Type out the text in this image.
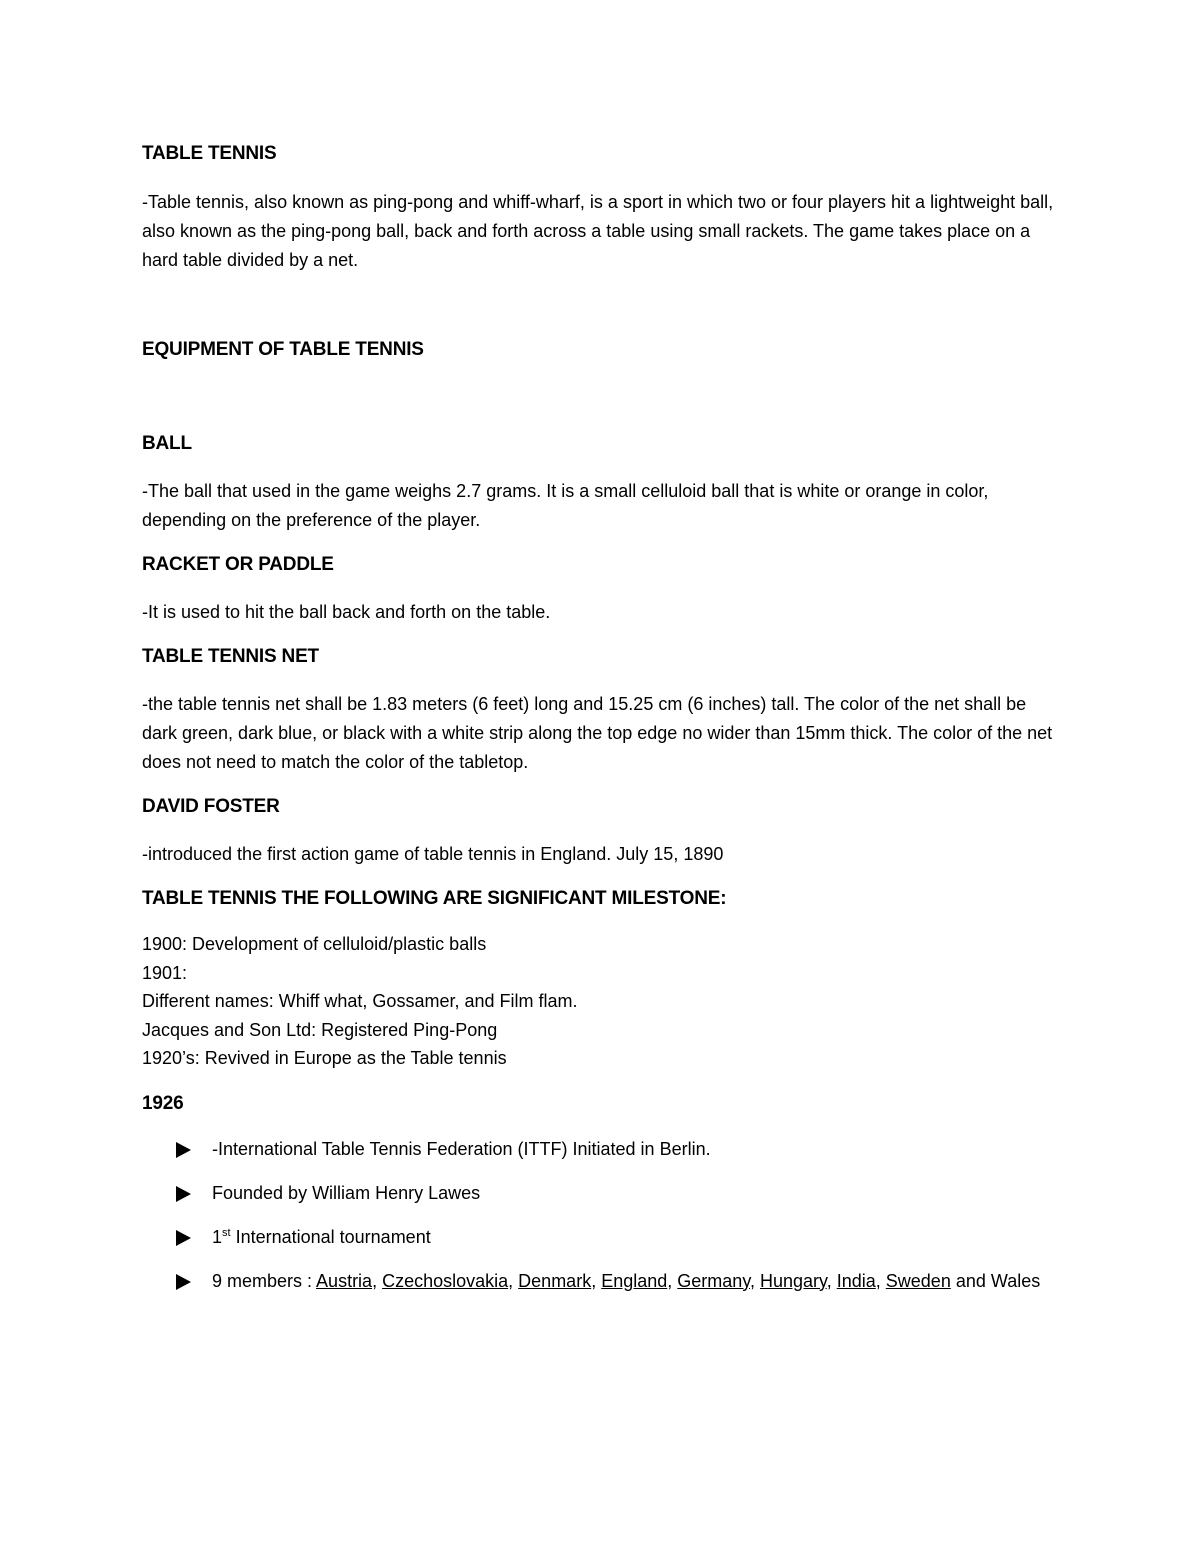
TABLE TENNIS

-Table tennis, also known as ping-pong and whiff-wharf, is a sport in which two or four players hit a lightweight ball, also known as the ping-pong ball, back and forth across a table using small rackets. The game takes place on a hard table divided by a net.

EQUIPMENT OF TABLE TENNIS
BALL

-The ball that used in the game weighs 2.7 grams. It is a small celluloid ball that is white or orange in color, depending on the preference of the player.

RACKET OR PADDLE

-It is used to hit the ball back and forth on the table.

TABLE TENNIS NET

-the table tennis net shall be 1.83 meters (6 feet) long and 15.25 cm (6 inches) tall. The color of the net shall be dark green, dark blue, or black with a white strip along the top edge no wider than 15mm thick. The color of the net does not need to match the color of the tabletop.

DAVID FOSTER

-introduced the first action game of table tennis in England. July 15, 1890

TABLE TENNIS THE FOLLOWING ARE SIGNIFICANT MILESTONE:

1900: Development of celluloid/plastic balls

1901:

Different names: Whiff what, Gossamer, and Film flam.

Jacques and Son Ltd: Registered Ping-Pong

1920’s: Revived in Europe as the Table tennis

1926
-International Table Tennis Federation (ITTF) Initiated in Berlin.
Founded by William Henry Lawes
1st International tournament
9 members : Austria, Czechoslovakia, Denmark, England, Germany, Hungary, India, Sweden and Wales
